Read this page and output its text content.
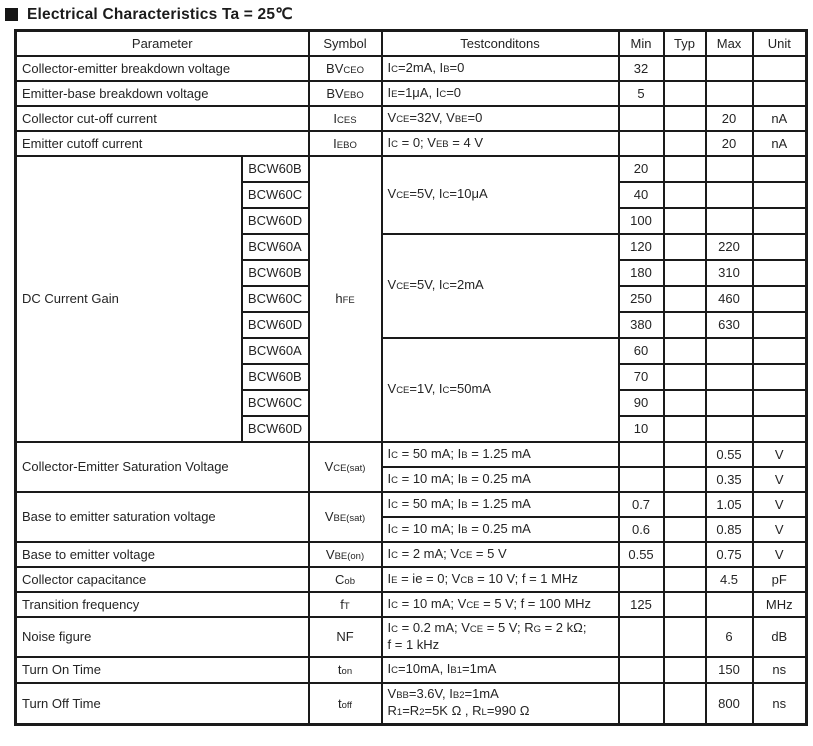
Electrical Characteristics Ta = 25℃
Parameter		Symbol	Testconditons	Min	Typ	Max	Unit
Collector-emitter breakdown voltage		BVCEO	IC=2mA, IB=0	32			
Emitter-base breakdown voltage		BVEBO	IE=1μA, IC=0	5			
Collector cut-off current		ICES	VCE=32V, VBE=0			20	nA
Emitter cutoff current		IEBO	IC = 0; VEB = 4 V			20	nA
DC Current Gain	BCW60B	hFE	VCE=5V, IC=10μA	20			
	BCW60C			40			
	BCW60D			100			
	BCW60A		VCE=5V, IC=2mA	120		220	
	BCW60B			180		310	
	BCW60C			250		460	
	BCW60D			380		630	
	BCW60A		VCE=1V, IC=50mA	60			
	BCW60B			70			
	BCW60C			90			
	BCW60D			10			
Collector-Emitter Saturation Voltage		VCE(sat)	IC = 50 mA; IB = 1.25 mA			0.55	V
			IC = 10 mA; IB = 0.25 mA			0.35	V
Base to emitter saturation voltage		VBE(sat)	IC = 50 mA; IB = 1.25 mA	0.7		1.05	V
			IC = 10 mA; IB = 0.25 mA	0.6		0.85	V
Base to emitter voltage		VBE(on)	IC = 2 mA; VCE = 5 V	0.55		0.75	V
Collector capacitance		Cob	IE = ie = 0; VCB = 10 V; f = 1 MHz			4.5	pF
Transition frequency		fT	IC = 10 mA; VCE = 5 V; f = 100 MHz	125			MHz
Noise figure		NF	IC = 0.2 mA; VCE = 5 V; RG = 2 kΩ;
f = 1 kHz			6	dB
Turn On Time		ton	IC=10mA, IB1=1mA			150	ns
Turn Off Time		toff	VBB=3.6V, IB2=1mA
R1=R2=5K Ω , RL=990 Ω			800	ns
